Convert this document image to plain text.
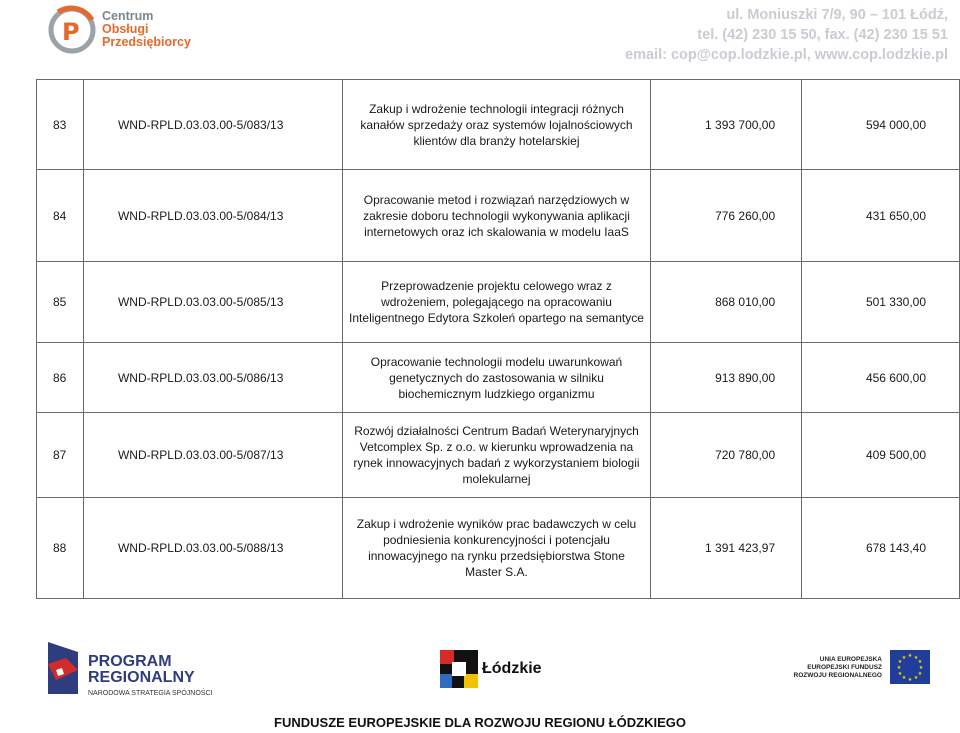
P
Centrum
Obsługi
Przedsiębiorcy
ul. Moniuszki 7/9, 90 – 101 Łódź,
tel. (42) 230 15 50, fax. (42) 230 15 51
email: cop@cop.lodzkie.pl, www.cop.lodzkie.pl
83	WND-RPLD.03.03.00-5/083/13	Zakup i wdrożenie technologii integracji różnych kanałów sprzedaży oraz systemów lojalnościowych klientów dla branży hotelarskiej	1 393 700,00	594 000,00
84	WND-RPLD.03.03.00-5/084/13	Opracowanie metod i rozwiązań narzędziowych w zakresie doboru technologii wykonywania aplikacji internetowych oraz ich skalowania w modelu IaaS	776 260,00	431 650,00
85	WND-RPLD.03.03.00-5/085/13	Przeprowadzenie projektu celowego wraz z wdrożeniem, polegającego na opracowaniu Inteligentnego Edytora Szkoleń opartego na semantyce	868 010,00	501 330,00
86	WND-RPLD.03.03.00-5/086/13	Opracowanie technologii modelu uwarunkowań genetycznych do zastosowania w silniku biochemicznym ludzkiego organizmu	913 890,00	456 600,00
87	WND-RPLD.03.03.00-5/087/13	Rozwój działalności Centrum Badań Weterynaryjnych Vetcomplex Sp. z o.o. w kierunku wprowadzenia na rynek innowacyjnych badań z wykorzystaniem biologii molekularnej	720 780,00	409 500,00
88	WND-RPLD.03.03.00-5/088/13	Zakup i wdrożenie wyników prac badawczych w celu podniesienia konkurencyjności i potencjału innowacyjnego na rynku przedsiębiorstwa Stone Master S.A.	1 391 423,97	678 143,40
PROGRAM
REGIONALNY
NARODOWA STRATEGIA SPÓJNOŚCI
Łódzkie
UNIA EUROPEJSKA
EUROPEJSKI FUNDUSZ
ROZWOJU REGIONALNEGO
★ ★
★
★
★
★
★
★
★
★
★
★
FUNDUSZE EUROPEJSKIE DLA ROZWOJU REGIONU ŁÓDZKIEGO
